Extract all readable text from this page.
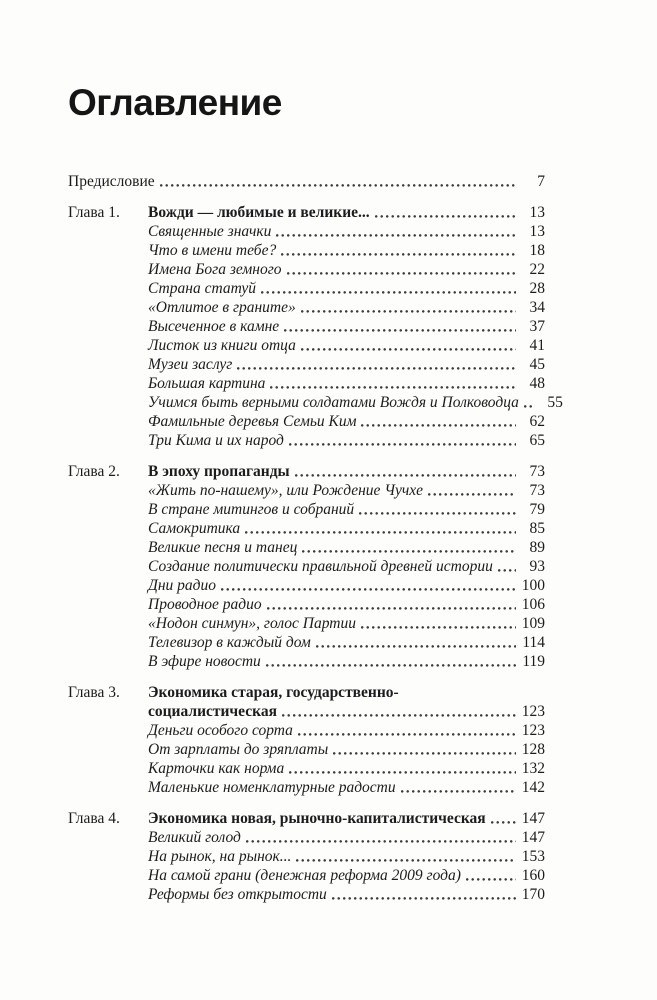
Оглавление
Предисловие	7
Глава 1.	Вожди — любимые и великие...	13
Священные значки	13
Что в имени тебе?	18
Имена Бога земного	22
Страна статуй	28
«Отлитое в граните»	34
Высеченное в камне	37
Листок из книги отца	41
Музеи заслуг	45
Большая картина	48
Учимся быть верными солдатами Вождя и Полководца	55
Фамильные деревья Семьи Ким	62
Три Кима и их народ	65
Глава 2.	В эпоху пропаганды	73
«Жить по-нашему», или Рождение Чучхе	73
В стране митингов и собраний	79
Самокритика	85
Великие песня и танец	89
Создание политически правильной древней истории	93
Дни радио	100
Проводное радио	106
«Нодон синмун», голос Партии	109
Телевизор в каждый дом	114
В эфире новости	119
Глава 3.	Экономика старая, государственно-
социалистическая	123
Деньги особого сорта	123
От зарплаты до зряплаты	128
Карточки как норма	132
Маленькие номенклатурные радости	142
Глава 4.	Экономика новая, рыночно-капиталистическая 147
Великий голод	147
На рынок, на рынок...	153
На самой грани (денежная реформа 2009 года)	160
Реформы без открытости	170
